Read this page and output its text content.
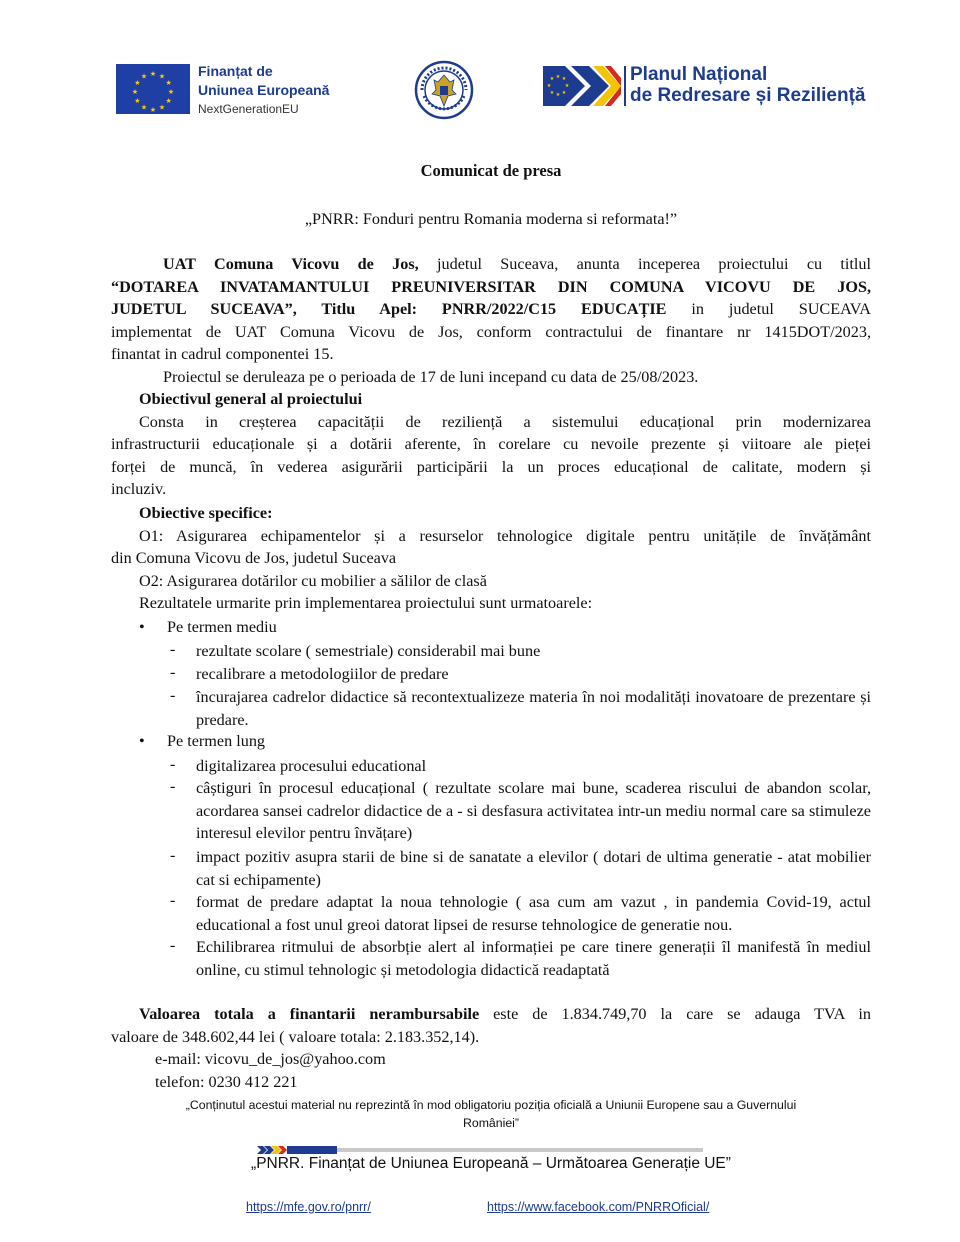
★ ★
★
★
★
★
★
★
★
★
★
★	Finanțat de
Uniunea Europeană
NextGenerationEU
★ ★
★
★
★
★
★
★	Planul Național
de Redresare și Reziliență
Comunicat de presa
„PNRR: Fonduri pentru Romania moderna si reformata!”
UAT Comuna Vicovu de Jos, judetul Suceava, anunta inceperea proiectului cu titlul
“DOTAREA INVATAMANTULUI PREUNIVERSITAR DIN COMUNA VICOVU DE JOS,
JUDETUL SUCEAVA”, Titlu Apel: PNRR/2022/C15 EDUCAȚIE in judetul SUCEAVA
implementat de UAT Comuna Vicovu de Jos, conform contractului de finantare nr 1415DOT/2023,
finantat in cadrul componentei 15.
Proiectul se deruleaza pe o perioada de 17 de luni incepand cu data de 25/08/2023.
Obiectivul general al proiectului
Consta in creșterea capacității de reziliență a sistemului educațional prin modernizarea
infrastructurii educaționale și a dotării aferente, în corelare cu nevoile prezente și viitoare ale pieței
forței de muncă, în vederea asigurării participării la un proces educațional de calitate, modern și
incluziv.
Obiective specifice:
O1: Asigurarea echipamentelor și a resurselor tehnologice digitale pentru unitățile de învățământ
din Comuna Vicovu de Jos, judetul Suceava
O2: Asigurarea dotărilor cu mobilier a sălilor de clasă
Rezultatele urmarite prin implementarea proiectului sunt urmatoarele:
• Pe termen mediu
- rezultate scolare ( semestriale) considerabil mai bune
- recalibrare a metodologiilor de predare
- încurajarea cadrelor didactice să recontextualizeze materia în noi modalități inovatoare de prezentare și predare.
• Pe termen lung
- digitalizarea procesului educational
- câștiguri în procesul educațional ( rezultate scolare mai bune, scaderea riscului de abandon scolar, acordarea sansei cadrelor didactice de a - si desfasura activitatea intr-un mediu normal care sa stimuleze interesul elevilor pentru învățare)
- impact pozitiv asupra starii de bine si de sanatate a elevilor ( dotari de ultima generatie - atat mobilier cat si echipamente)
- format de predare adaptat la noua tehnologie ( asa cum am vazut , in pandemia Covid-19, actul educational a fost unul greoi datorat lipsei de resurse tehnologice de generatie nou.
- Echilibrarea ritmului de absorbție alert al informației pe care tinere generații îl manifestă în mediul online, cu stimul tehnologic și metodologia didactică readaptată
Valoarea totala a finantarii nerambursabile este de 1.834.749,70 la care se adauga TVA in
valoare de 348.602,44 lei ( valoare totala: 2.183.352,14).
e-mail: vicovu_de_jos@yahoo.com
telefon: 0230 412 221
„Conținutul acestui material nu reprezintă în mod obligatoriu poziția oficială a Uniunii Europene sau a Guvernului
României”
„PNRR. Finanțat de Uniunea Europeană – Următoarea Generație UE”
https://mfe.gov.ro/pnrr/	https://www.facebook.com/PNRROficial/
